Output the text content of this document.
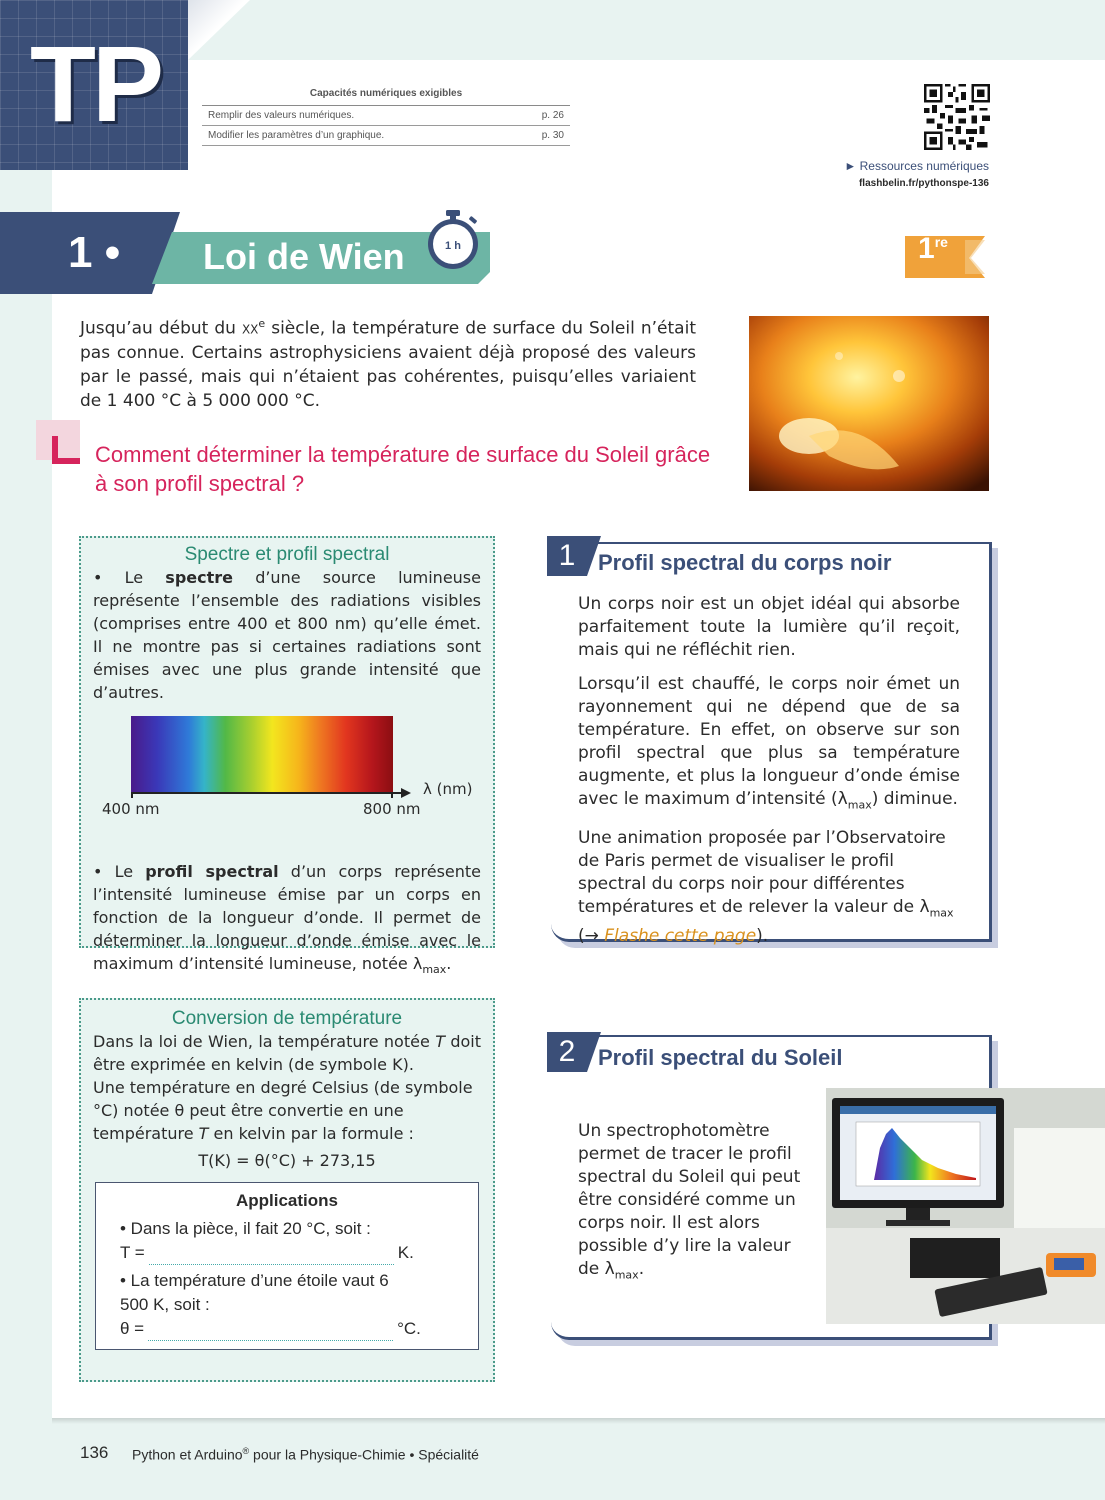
TP	Capacités numériques exigibles
Remplir des valeurs numériques.	p. 26
Modifier les paramètres d’un graphique.	p. 30
► Ressources numériques
flashbelin.fr/pythonspe-136
1 • Loi de Wien	1 h	1re
Jusqu’au début du $xx^e$ siècle, la température de surface du Soleil n’était pas connue. Certains astrophysiciens avaient déjà proposé des valeurs par le passé, mais qui n’étaient pas cohérentes, puisqu’elles variaient de 1 400 °C à 5 000 000 °C.
Comment déterminer la température de surface du Soleil grâce à son profil spectral ?
Spectre et profil spectral
• Le spectre d’une source lumineuse représente l’ensemble des radiations visibles (comprises entre 400 et 800 nm) qu’elle émet. Il ne montre pas si certaines radiations sont émises avec une plus grande intensité que d’autres.
λ (nm)
400 nm	800 nm
• Le profil spectral d’un corps représente l’intensité lumineuse émise par un corps en fonction de la longueur d’onde. Il permet de déterminer la longueur d’onde émise avec le maximum d’intensité lumineuse, notée $\lambda_{max}$.
Conversion de température
Dans la loi de Wien, la température notée T doit être exprimée en kelvin (de symbole K).
Une température en degré Celsius (de symbole °C) notée θ peut être convertie en une température T en kelvin par la formule :
T(K) = θ(°C) + 273,15
Applications
• Dans la pièce, il fait 20 °C, soit :
T =	K.
• La température d’une étoile vaut 6 500 K, soit :
θ =	°C.
1	Profil spectral du corps noir

Un corps noir est un objet idéal qui absorbe parfaitement toute la lumière qu’il reçoit, mais qui ne réfléchit rien.

Lorsqu’il est chauffé, le corps noir émet un rayonnement qui ne dépend que de sa température. En effet, on observe sur son profil spectral que plus sa température augmente, et plus la longueur d’onde émise avec le maximum d’intensité $(\lambda_{max})$ diminue.

Une animation proposée par l’Observatoire de Paris permet de visualiser le profil spectral du corps noir pour différentes températures et de relever la valeur de $\lambda_{max}$ (→ Flashe cette page).

2	Profil spectral du Soleil
Un spectrophotomètre permet de tracer le profil spectral du Soleil qui peut être considéré comme un corps noir. Il est alors possible d’y lire la valeur de $\lambda_{max}$.
136 Python et Arduino® pour la Physique-Chimie • Spécialité
